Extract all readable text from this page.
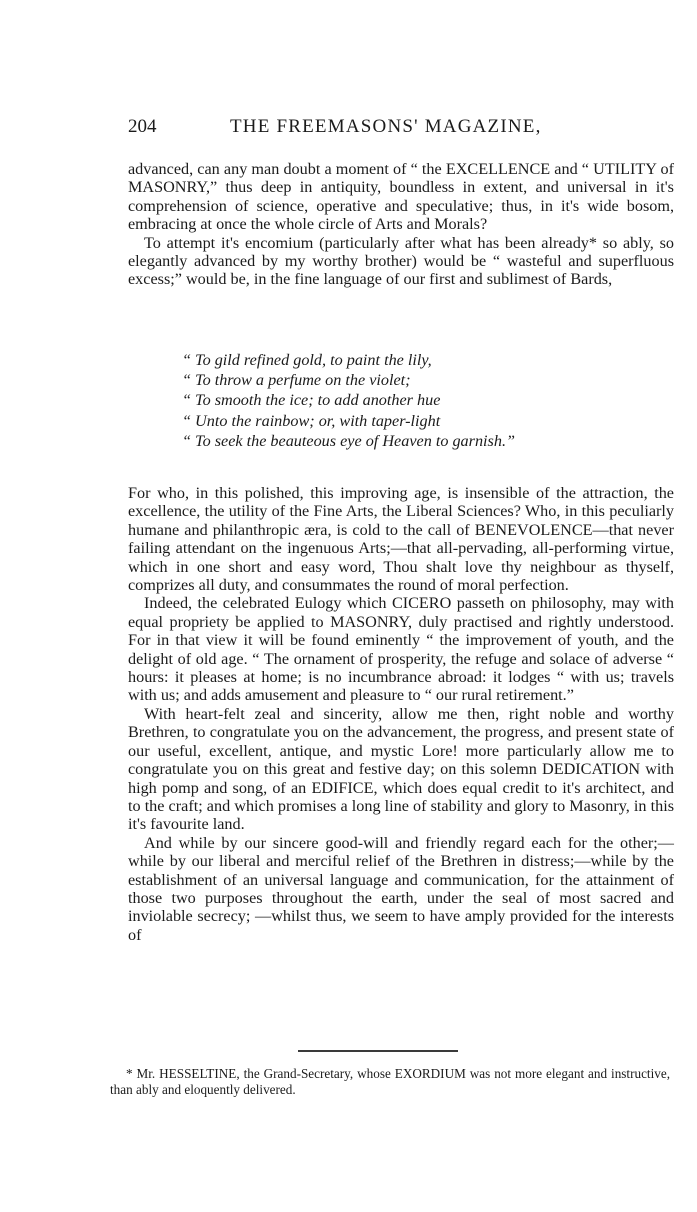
204	THE FREEMASONS' MAGAZINE,

advanced, can any man doubt a moment of “ the EXCELLENCE and “ UTILITY of MASONRY,” thus deep in antiquity, boundless in extent, and universal in it's comprehension of science, operative and speculative; thus, in it's wide bosom, embracing at once the whole circle of Arts and Morals?

To attempt it's encomium (particularly after what has been already* so ably, so elegantly advanced by my worthy brother) would be “ wasteful and superfluous excess;” would be, in the fine language of our first and sublimest of Bards,

“ To gild refined gold, to paint the lily,
“ To throw a perfume on the violet;
“ To smooth the ice; to add another hue
“ Unto the rainbow; or, with taper-light
“ To seek the beauteous eye of Heaven to garnish.”

For who, in this polished, this improving age, is insensible of the attraction, the excellence, the utility of the Fine Arts, the Liberal Sciences? Who, in this peculiarly humane and philanthropic æra, is cold to the call of BENEVOLENCE—that never failing attendant on the ingenuous Arts;—that all-pervading, all-performing virtue, which in one short and easy word, Thou shalt love thy neighbour as thyself, comprizes all duty, and consummates the round of moral perfection.

Indeed, the celebrated Eulogy which CICERO passeth on philosophy, may with equal propriety be applied to MASONRY, duly practised and rightly understood. For in that view it will be found eminently “ the improvement of youth, and the delight of old age. “ The ornament of prosperity, the refuge and solace of adverse “ hours: it pleases at home; is no incumbrance abroad: it lodges “ with us; travels with us; and adds amusement and pleasure to “ our rural retirement.”

With heart-felt zeal and sincerity, allow me then, right noble and worthy Brethren, to congratulate you on the advancement, the progress, and present state of our useful, excellent, antique, and mystic Lore! more particularly allow me to congratulate you on this great and festive day; on this solemn DEDICATION with high pomp and song, of an EDIFICE, which does equal credit to it's architect, and to the craft; and which promises a long line of stability and glory to Masonry, in this it's favourite land.

And while by our sincere good-will and friendly regard each for the other;—while by our liberal and merciful relief of the Brethren in distress;—while by the establishment of an universal language and communication, for the attainment of those two purposes throughout the earth, under the seal of most sacred and inviolable secrecy; —whilst thus, we seem to have amply provided for the interests of

* Mr. HESSELTINE, the Grand-Secretary, whose EXORDIUM was not more elegant and instructive, than ably and eloquently delivered.
